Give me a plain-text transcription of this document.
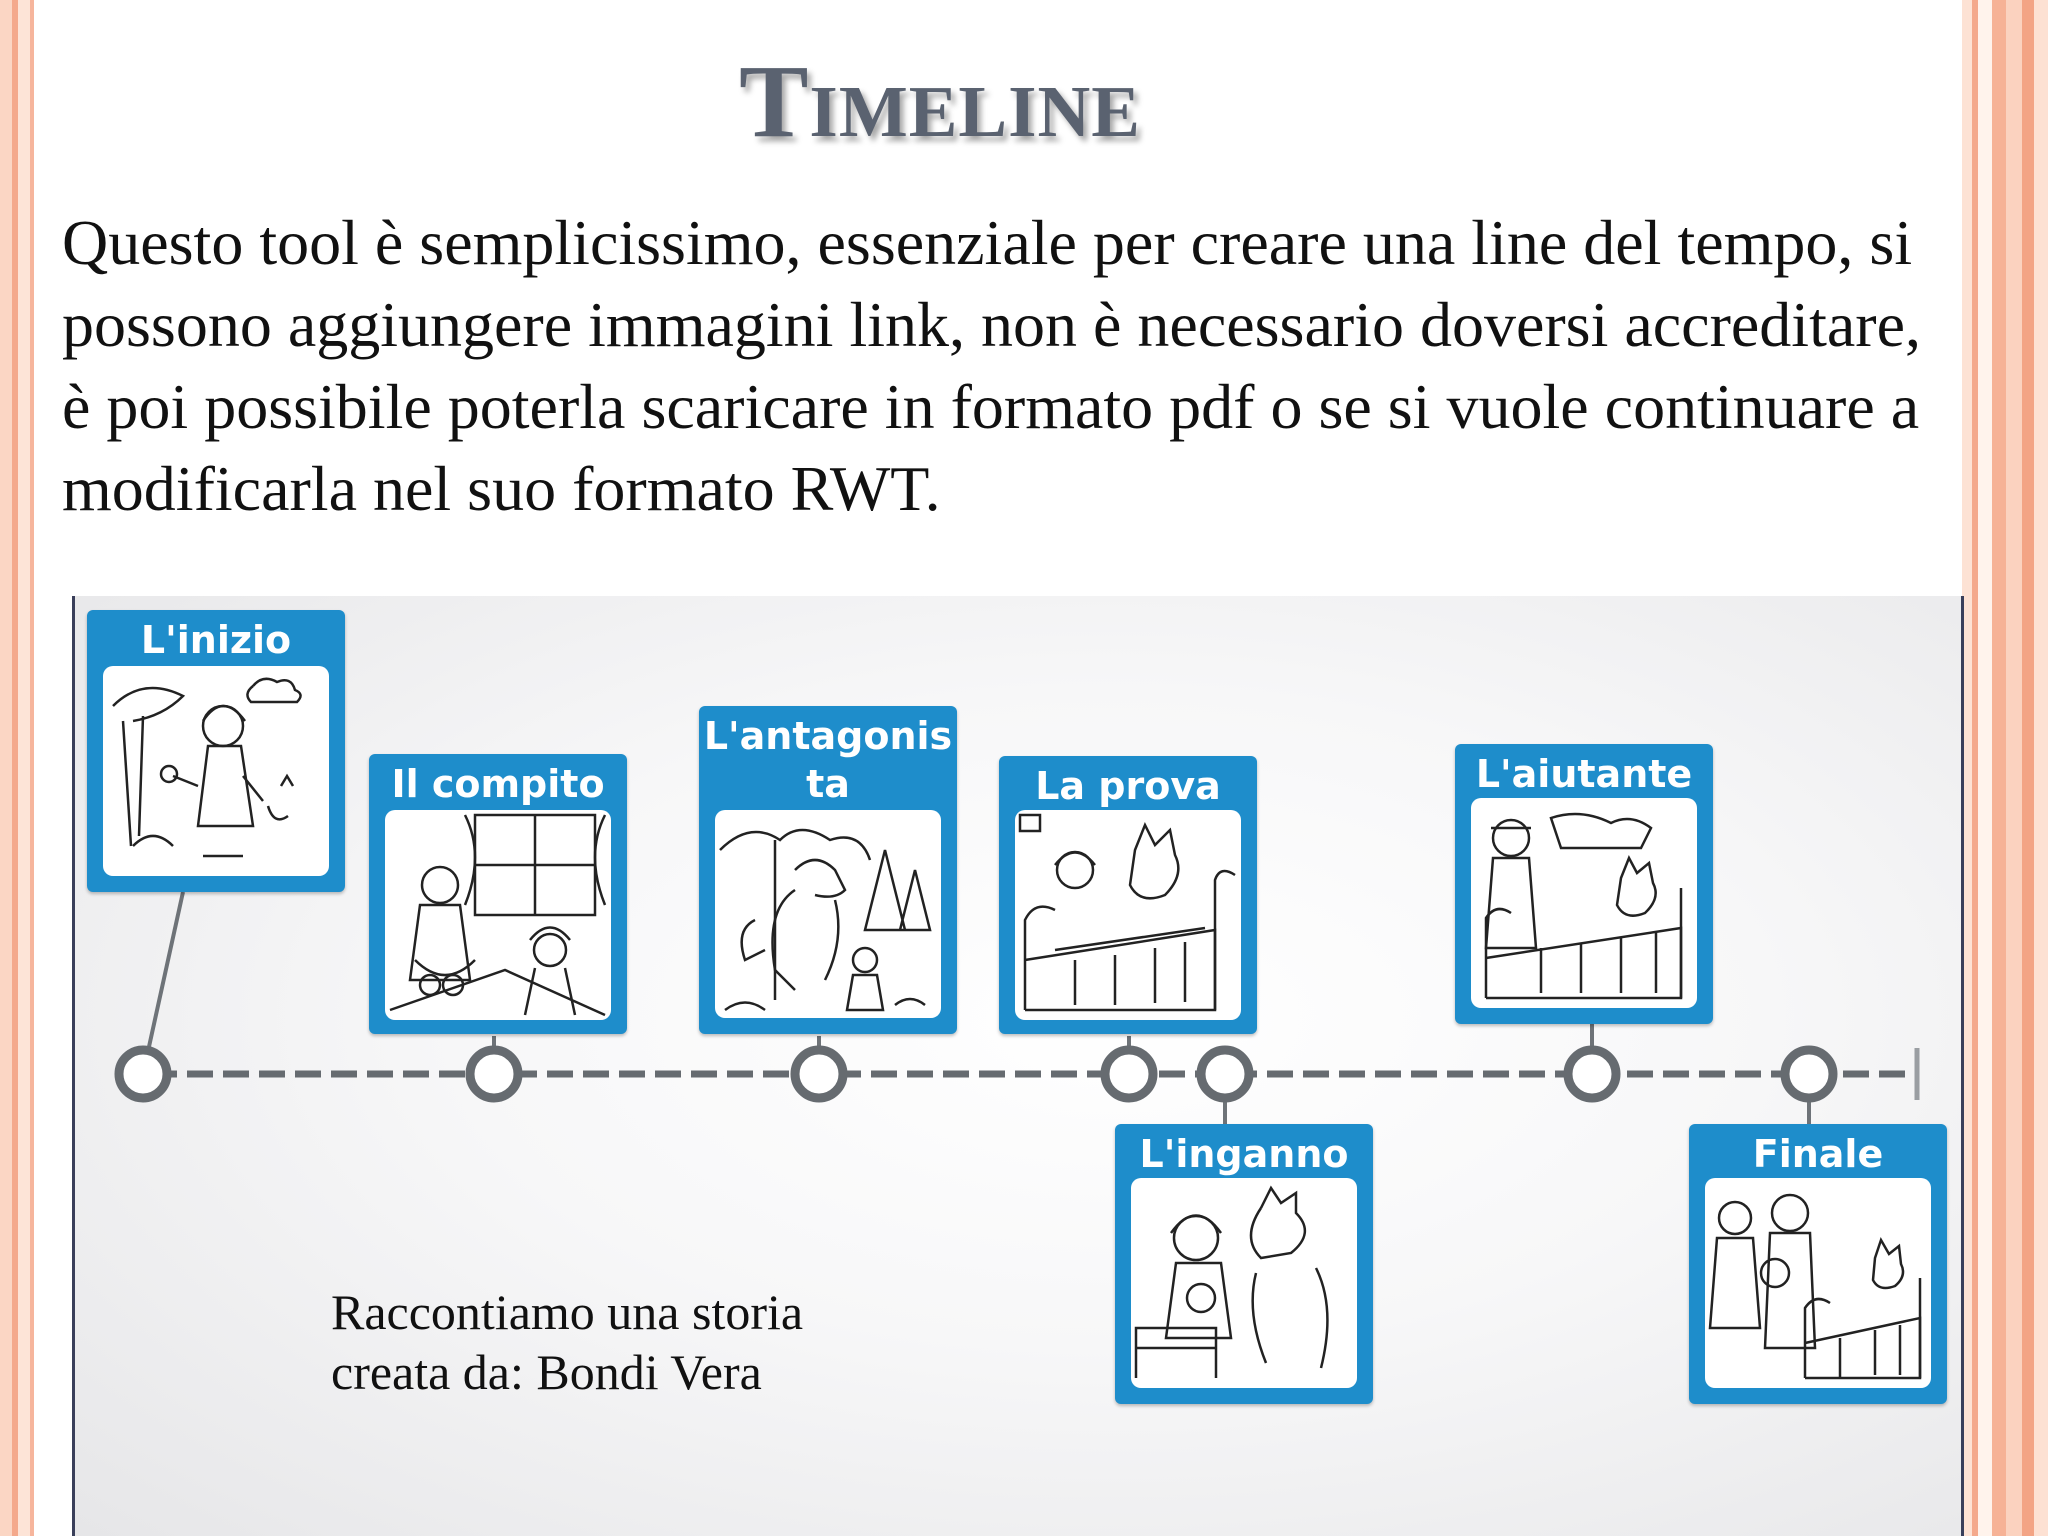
Timeline

Questo tool è semplicissimo, essenziale per creare una line del tempo, si possono aggiungere immagini link, non è necessario doversi accreditare, è poi possibile poterla scaricare in formato pdf o se si vuole continuare a modificarla nel suo formato RWT.

L'inizio
Il compito
L'antagonis ta	La prova
L'inganno
L'aiutante
Finale
Raccontiamo una storia
creata da: Bondi Vera
